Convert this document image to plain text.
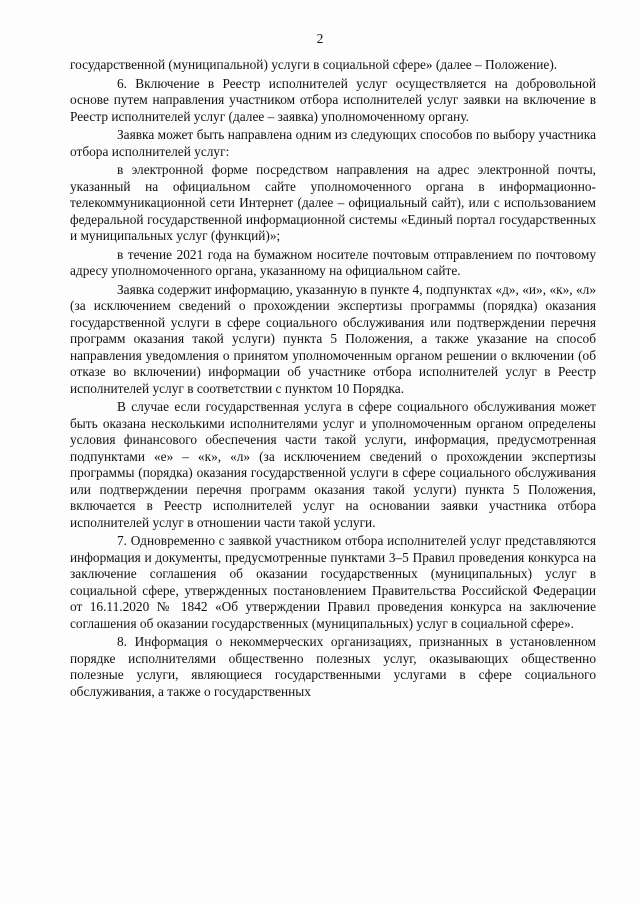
2

государственной (муниципальной) услуги в социальной сфере» (далее – Положение).

6. Включение в Реестр исполнителей услуг осуществляется на добровольной основе путем направления участником отбора исполнителей услуг заявки на включение в Реестр исполнителей услуг (далее – заявка) уполномоченному органу.

Заявка может быть направлена одним из следующих способов по выбору участника отбора исполнителей услуг:

в электронной форме посредством направления на адрес электронной почты, указанный на официальном сайте уполномоченного органа в информационно-телекоммуникационной сети Интернет (далее – официальный сайт), или с использованием федеральной государственной информационной системы «Единый портал государственных и муниципальных услуг (функций)»;

в течение 2021 года на бумажном носителе почтовым отправлением по почтовому адресу уполномоченного органа, указанному на официальном сайте.

Заявка содержит информацию, указанную в пункте 4, подпунктах «д», «и», «к», «л» (за исключением сведений о прохождении экспертизы программы (порядка) оказания государственной услуги в сфере социального обслуживания или подтверждении перечня программ оказания такой услуги) пункта 5 Положения, а также указание на способ направления уведомления о принятом уполномоченным органом решении о включении (об отказе во включении) информации об участнике отбора исполнителей услуг в Реестр исполнителей услуг в соответствии с пунктом 10 Порядка.

В случае если государственная услуга в сфере социального обслуживания может быть оказана несколькими исполнителями услуг и уполномоченным органом определены условия финансового обеспечения части такой услуги, информация, предусмотренная подпунктами «е» – «к», «л» (за исключением сведений о прохождении экспертизы программы (порядка) оказания государственной услуги в сфере социального обслуживания или подтверждении перечня программ оказания такой услуги) пункта 5 Положения, включается в Реестр исполнителей услуг на основании заявки участника отбора исполнителей услуг в отношении части такой услуги.

7. Одновременно с заявкой участником отбора исполнителей услуг представляются информация и документы, предусмотренные пунктами 3–5 Правил проведения конкурса на заключение соглашения об оказании государственных (муниципальных) услуг в социальной сфере, утвержденных постановлением Правительства Российской Федерации от 16.11.2020 № 1842 «Об утверждении Правил проведения конкурса на заключение соглашения об оказании государственных (муниципальных) услуг в социальной сфере».

8. Информация о некоммерческих организациях, признанных в установленном порядке исполнителями общественно полезных услуг, оказывающих общественно полезные услуги, являющиеся государственными услугами в сфере социального обслуживания, а также о государственных
